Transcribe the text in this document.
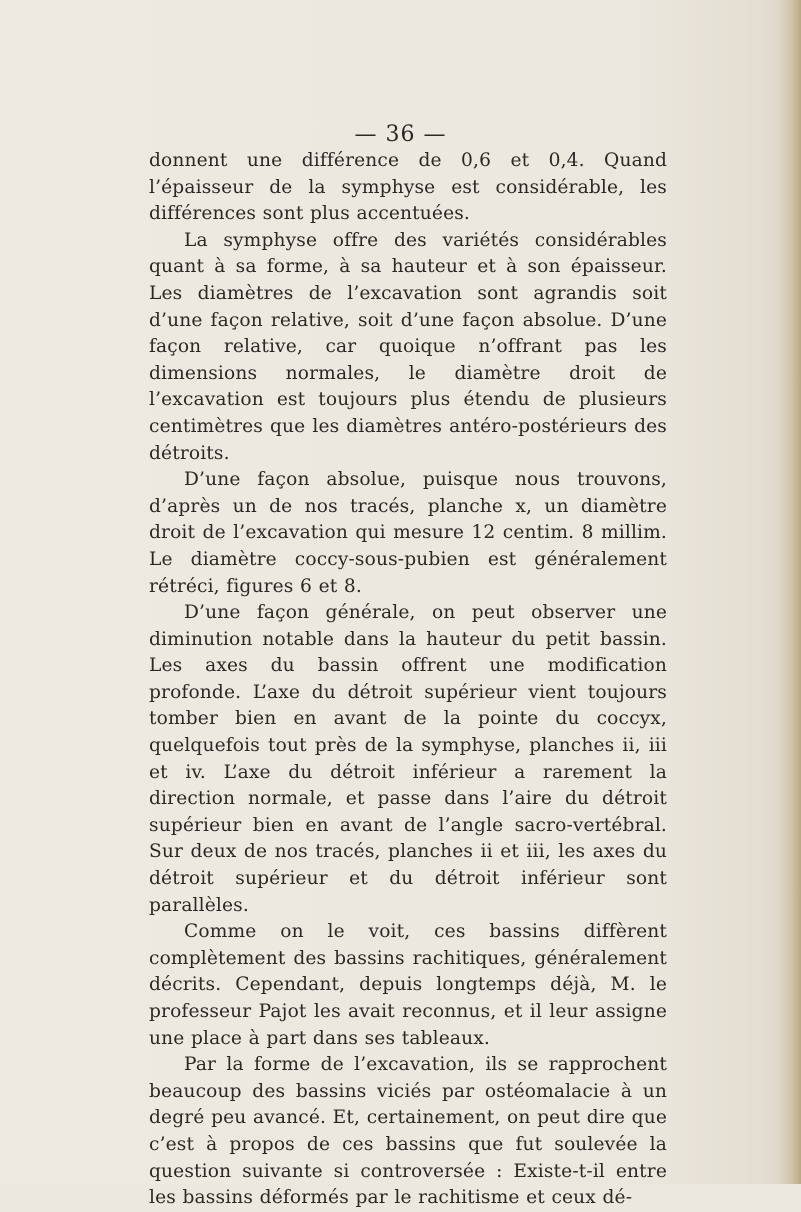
— 36 —

donnent une différence de 0,6 et 0,4. Quand l’épaisseur de la symphyse est considérable, les différences sont plus accentuées.

La symphyse offre des variétés considérables quant à sa forme, à sa hauteur et à son épaisseur. Les diamètres de l’excavation sont agrandis soit d’une façon relative, soit d’une façon absolue. D’une façon relative, car quoique n’offrant pas les dimensions normales, le diamètre droit de l’excavation est toujours plus étendu de plusieurs centimètres que les diamètres antéro-postérieurs des détroits.

D’une façon absolue, puisque nous trouvons, d’après un de nos tracés, planche x, un diamètre droit de l’excavation qui mesure 12 centim. 8 millim. Le diamètre coccy-sous-pubien est généralement rétréci, figures 6 et 8.

D’une façon générale, on peut observer une diminution notable dans la hauteur du petit bassin. Les axes du bassin offrent une modification profonde. L’axe du détroit supérieur vient toujours tomber bien en avant de la pointe du coccyx, quelquefois tout près de la symphyse, planches ii, iii et iv. L’axe du détroit inférieur a rarement la direction normale, et passe dans l’aire du détroit supérieur bien en avant de l’angle sacro-vertébral. Sur deux de nos tracés, planches ii et iii, les axes du détroit supérieur et du détroit inférieur sont parallèles.

Comme on le voit, ces bassins diffèrent complètement des bassins rachitiques, généralement décrits. Cependant, depuis longtemps déjà, M. le professeur Pajot les avait reconnus, et il leur assigne une place à part dans ses tableaux.

Par la forme de l’excavation, ils se rapprochent beaucoup des bassins viciés par ostéomalacie à un degré peu avancé. Et, certainement, on peut dire que c’est à propos de ces bassins que fut soulevée la question suivante si controversée : Existe-t-il entre les bassins déformés par le rachitisme et ceux dé-
